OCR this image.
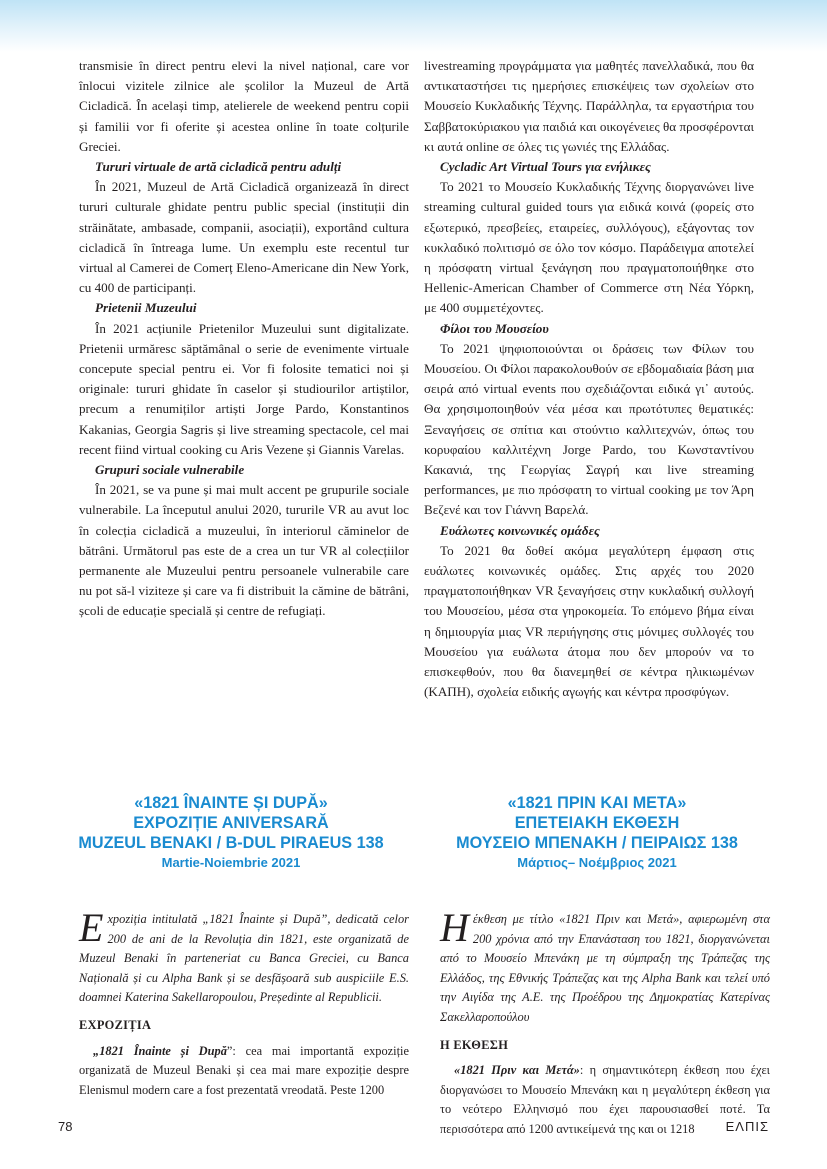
transmisie în direct pentru elevi la nivel național, care vor înlocui vizitele zilnice ale școlilor la Muzeul de Artă Cicladică. În același timp, atelierele de weekend pentru copii și familii vor fi oferite și acestea online în toate colțurile Greciei.

Tururi virtuale de artă cicladică pentru adulți

În 2021, Muzeul de Artă Cicladică organizează în direct tururi culturale ghidate pentru public special (instituții din străinătate, ambasade, companii, asociații), exportând cultura cicladică în întreaga lume. Un exemplu este recentul tur virtual al Camerei de Comerț Eleno-Americane din New York, cu 400 de participanți.

Prietenii Muzeului

În 2021 acțiunile Prietenilor Muzeului sunt digitalizate. Prietenii urmăresc săptămânal o serie de evenimente virtuale concepute special pentru ei. Vor fi folosite tematici noi și originale: tururi ghidate în caselor și studiourilor artiștilor, precum a renumiților artiști Jorge Pardo, Konstantinos Kakanias, Georgia Sagris și live streaming spectacole, cel mai recent fiind virtual cooking cu Aris Vezene și Giannis Varelas.

Grupuri sociale vulnerabile

În 2021, se va pune și mai mult accent pe grupurile sociale vulnerabile. La începutul anului 2020, tururile VR au avut loc în colecția cicladică a muzeului, în interiorul căminelor de bătrâni. Următorul pas este de a crea un tur VR al colecțiilor permanente ale Muzeului pentru persoanele vulnerabile care nu pot să-l viziteze și care va fi distribuit la cămine de bătrâni, școli de educație specială și centre de refugiați.

livestreaming προγράμματα για μαθητές πανελλαδικά, που θα αντικαταστήσει τις ημερήσιες επισκέψεις των σχολείων στο Μουσείο Κυκλαδικής Τέχνης. Παράλληλα, τα εργαστήρια του Σαββατοκύριακου για παιδιά και οικογένειες θα προσφέρονται κι αυτά online σε όλες τις γωνιές της Ελλάδας.

Cycladic Art Virtual Tours για ενήλικες

Το 2021 το Μουσείο Κυκλαδικής Τέχνης διοργανώνει live streaming cultural guided tours για ειδικά κοινά (φορείς στο εξωτερικό, πρεσβείες, εταιρείες, συλλόγους), εξάγοντας τον κυκλαδικό πολιτισμό σε όλο τον κόσμο. Παράδειγμα αποτελεί η πρόσφατη virtual ξενάγηση που πραγματοποιήθηκε στο Hellenic-American Chamber of Commerce στη Νέα Υόρκη, με 400 συμμετέχοντες.

Φίλοι του Μουσείου

Το 2021 ψηφιοποιούνται οι δράσεις των Φίλων του Μουσείου. Οι Φίλοι παρακολουθούν σε εβδομαδιαία βάση μια σειρά από virtual events που σχεδιάζονται ειδικά γι᾽ αυτούς. Θα χρησιμοποιηθούν νέα μέσα και πρωτότυπες θεματικές: Ξεναγήσεις σε σπίτια και στούντιο καλλιτεχνών, όπως του κορυφαίου καλλιτέχνη Jorge Pardo, του Κωνσταντίνου Κακανιά, της Γεωργίας Σαγρή και live streaming performances, με πιο πρόσφατη το virtual cooking με τον Άρη Βεζενέ και τον Γιάννη Βαρελά.

Ευάλωτες κοινωνικές ομάδες

Το 2021 θα δοθεί ακόμα μεγαλύτερη έμφαση στις ευάλωτες κοινωνικές ομάδες. Στις αρχές του 2020 πραγματοποιήθηκαν VR ξεναγήσεις στην κυκλαδική συλλογή του Μουσείου, μέσα στα γηροκομεία. Το επόμενο βήμα είναι η δημιουργία μιας VR περιήγησης στις μόνιμες συλλογές του Μουσείου για ευάλωτα άτομα που δεν μπορούν να το επισκεφθούν, που θα διανεμηθεί σε κέντρα ηλικιωμένων (ΚΑΠΗ), σχολεία ειδικής αγωγής και κέντρα προσφύγων.

«1821 ÎNAINTE ȘI DUPĂ»
EXPOZIȚIE ANIVERSARĂ
MUZEUL BENAKI / B-DUL PIRAEUS 138
Martie-Noiembrie 2021
«1821 ΠΡΙΝ ΚΑΙ ΜΕΤΑ»
ΕΠΕΤΕΙΑΚΗ ΕΚΘΕΣΗ
ΜΟΥΣΕΙΟ ΜΠΕΝΑΚΗ / ΠΕΙΡΑΙΩΣ 138
Μάρτιος– Νοέμβριος 2021

Expoziția intitulată „1821 Înainte și După”, dedicată celor 200 de ani de la Revoluția din 1821, este organizată de Muzeul Benaki în parteneriat cu Banca Greciei, cu Banca Națională și cu Alpha Bank și se desfășoară sub auspiciile E.S. doamnei Katerina Sakellaropoulou, Președinte al Republicii.

EXPOZIȚIA

„1821 Înainte și După”: cea mai importantă expoziție organizată de Muzeul Benaki și cea mai mare expoziție despre Elenismul modern care a fost prezentată vreodată. Peste 1200

Ηέκθεση με τίτλο «1821 Πριν και Μετά», αφιερωμένη στα 200 χρόνια από την Επανάσταση του 1821, διοργανώνεται από το Μουσείο Μπενάκη με τη σύμπραξη της Τράπεζας της Ελλάδος, της Εθνικής Τράπεζας και της Alpha Bank και τελεί υπό την Αιγίδα της Α.Ε. της Προέδρου της Δημοκρατίας Κατερίνας Σακελλαροπούλου

Η ΕΚΘΕΣΗ

«1821 Πριν και Μετά»: η σημαντικότερη έκθεση που έχει διοργανώσει το Μουσείο Μπενάκη και η μεγαλύτερη έκθεση για το νεότερο Ελληνισμό που έχει παρουσιασθεί ποτέ. Τα περισσότερα από 1200 αντικείμενά της και οι 1218

78	ΕΛΠΙΣ
